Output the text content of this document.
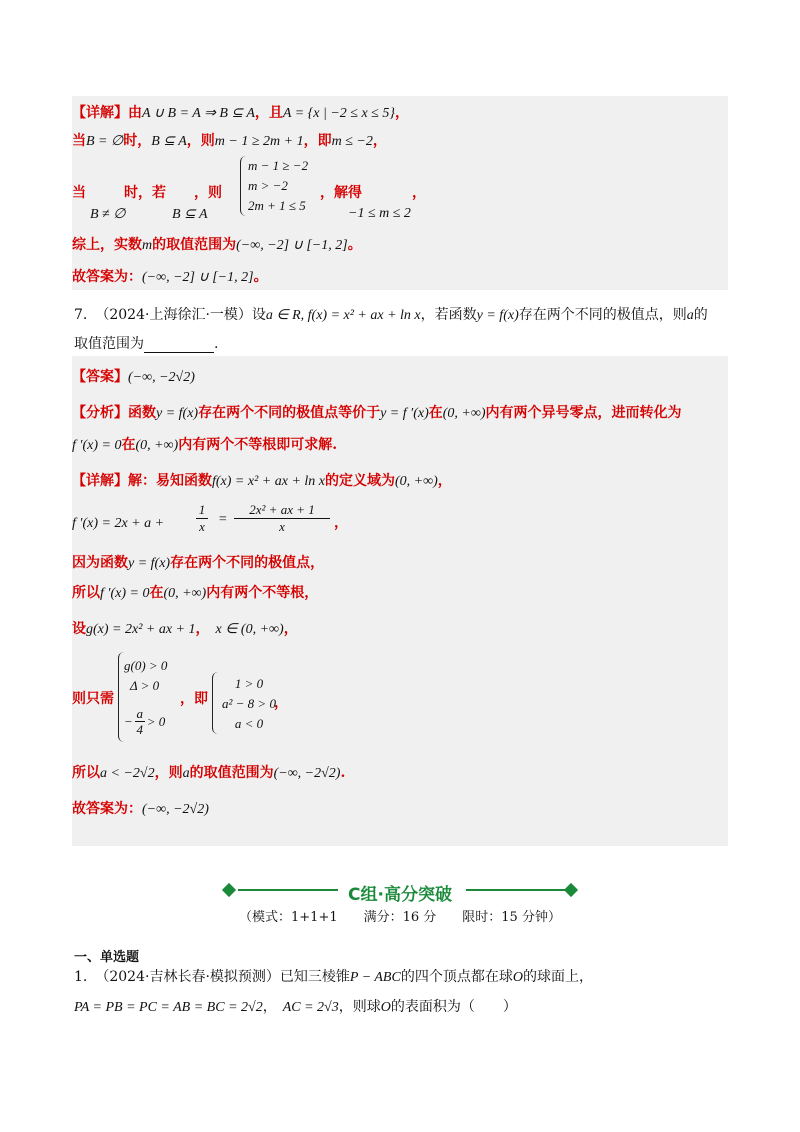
【详解】由A ∪ B = A ⇒ B ⊆ A，且A = {x | −2 ≤ x ≤ 5}，
当B = ∅时，B ⊆ A，则m − 1 ≥ 2m + 1，即m ≤ −2，
当	时，若 ，则	，解得	，
B ≠ ∅	B ⊆ A
m − 1 ≥ −2
m > −2
2m + 1 ≤ 5
−1 ≤ m ≤ 2
综上，实数m的取值范围为(−∞, −2] ∪ [−1, 2]。
故答案为：(−∞, −2] ∪ [−1, 2]。
7. （2024·上海徐汇·一模）设a ∈ R, f(x) = x² + ax + ln x，若函数y = f(x)存在两个不同的极值点，则a的
取值范围为	.
【答案】(−∞, −2√2)
【分析】函数y = f(x)存在两个不同的极值点等价于y = f ′(x)在(0, +∞)内有两个异号零点，进而转化为
f ′(x) = 0在(0, +∞)内有两个不等根即可求解.
【详解】解：易知函数f(x) = x² + ax + ln x的定义域为(0, +∞)，
f ′(x) = 2x + a +
1
x =
2x² + ax + 1
x	，
因为函数y = f(x)存在两个不同的极值点，
所以f ′(x) = 0在(0, +∞)内有两个不等根，
设g(x) = 2x² + ax + 1， x ∈ (0, +∞)，
则只需
g(0) > 0
Δ > 0
− $\frac{a}{4} > 0$
，即
1 > 0
a² − 8 > 0
a < 0
，
所以a < −2√2，则a的取值范围为(−∞, −2√2).
故答案为：(−∞, −2√2)
C组·高分突破
（模式：1+1+1　　满分：16 分　　限时：15 分钟）
一、单选题
1. （2024·吉林长春·模拟预测）已知三棱锥P − ABC的四个顶点都在球O的球面上，
PA = PB = PC = AB = BC = 2√2， AC = 2√3，则球O的表面积为（　　）
